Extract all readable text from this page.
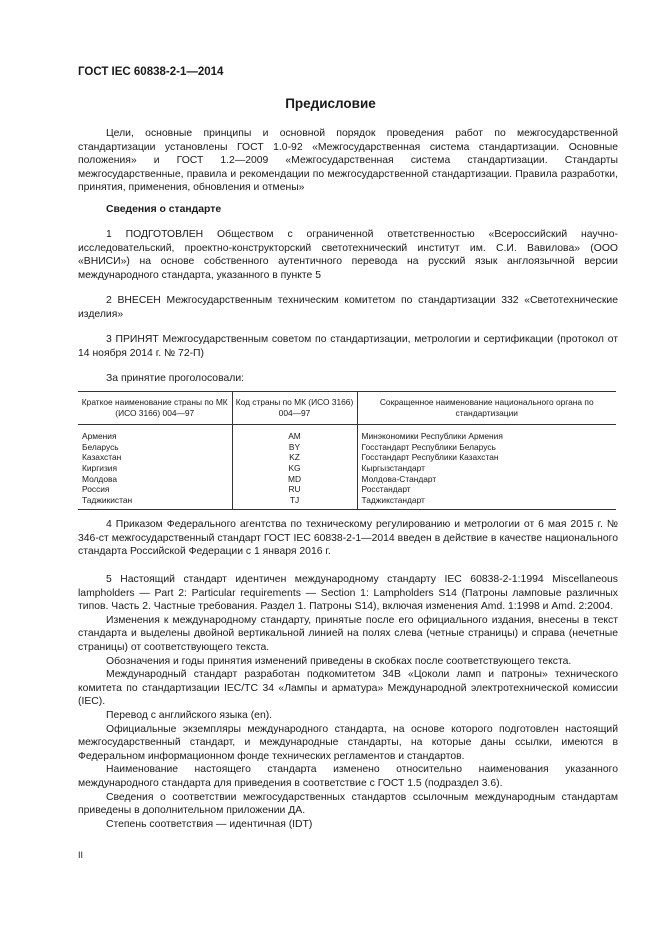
ГОСТ IEC 60838-2-1—2014
Предисловие
Цели, основные принципы и основной порядок проведения работ по межгосударственной стандартизации установлены ГОСТ 1.0-92 «Межгосударственная система стандартизации. Основные положения» и ГОСТ 1.2—2009 «Межгосударственная система стандартизации. Стандарты межгосударственные, правила и рекомендации по межгосударственной стандартизации. Правила разработки, принятия, применения, обновления и отмены»
Сведения о стандарте
1 ПОДГОТОВЛЕН Обществом с ограниченной ответственностью «Всероссийский научно-исследовательский, проектно-конструкторский светотехнический институт им. С.И. Вавилова» (ООО «ВНИСИ») на основе собственного аутентичного перевода на русский язык англоязычной версии международного стандарта, указанного в пункте 5
2 ВНЕСЕН Межгосударственным техническим комитетом по стандартизации 332 «Светотехнические изделия»
3 ПРИНЯТ Межгосударственным советом по стандартизации, метрологии и сертификации (протокол от 14 ноября 2014 г. № 72-П)
За принятие проголосовали:
Краткое наименование страны по МК (ИСО 3166) 004—97	Код страны по МК (ИСО 3166) 004—97	Сокращенное наименование национального органа по стандартизации
Армения	AM	Минэкономики Республики Армения
Беларусь	BY	Госстандарт Республики Беларусь
Казахстан	KZ	Госстандарт Республики Казахстан
Киргизия	KG	Кыргызстандарт
Молдова	MD	Молдова-Стандарт
Россия	RU	Росстандарт
Таджикистан	TJ	Таджикстандарт
4 Приказом Федерального агентства по техническому регулированию и метрологии от 6 мая 2015 г. № 346-ст межгосударственный стандарт ГОСТ IEC 60838-2-1—2014 введен в действие в качестве национального стандарта Российской Федерации с 1 января 2016 г.
5 Настоящий стандарт идентичен международному стандарту IEC 60838-2-1:1994 Miscellaneous lampholders — Part 2: Particular requirements — Section 1: Lampholders S14 (Патроны ламповые различных типов. Часть 2. Частные требования. Раздел 1. Патроны S14), включая изменения Amd. 1:1998 и Amd. 2:2004.
Изменения к международному стандарту, принятые после его официального издания, внесены в текст стандарта и выделены двойной вертикальной линией на полях слева (четные страницы) и справа (нечетные страницы) от соответствующего текста.
Обозначения и годы принятия изменений приведены в скобках после соответствующего текста.
Международный стандарт разработан подкомитетом 34В «Цоколи ламп и патроны» технического комитета по стандартизации IEC/TC 34 «Лампы и арматура» Международной электротехнической комиссии (IEC).
Перевод с английского языка (en).
Официальные экземпляры международного стандарта, на основе которого подготовлен настоящий межгосударственный стандарт, и международные стандарты, на которые даны ссылки, имеются в Федеральном информационном фонде технических регламентов и стандартов.
Наименование настоящего стандарта изменено относительно наименования указанного международного стандарта для приведения в соответствие с ГОСТ 1.5 (подраздел 3.6).
Сведения о соответствии межгосударственных стандартов ссылочным международным стандартам приведены в дополнительном приложении ДА.
Степень соответствия — идентичная (IDT)
II
